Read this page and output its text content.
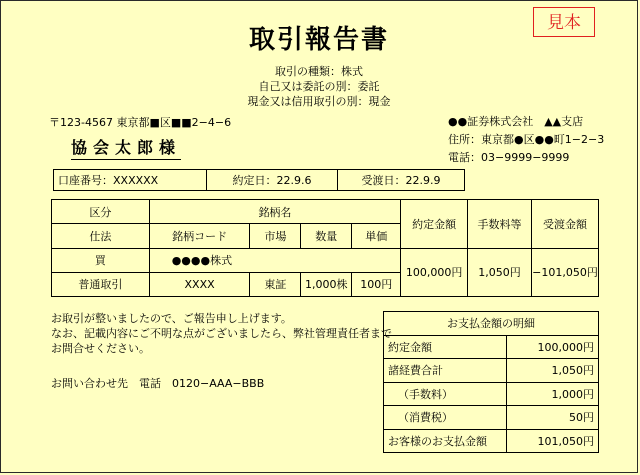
取引報告書
見本
取引の種類：株式
自己又は委託の別：委託
現金又は信用取引の別：現金
〒123-4567 東京都■区■■2−4−6
協会太郎様
●●証券株式会社　▲▲支店
住所：東京都●区●●町1−2−3
電話：03−9999−9999
口座番号：XXXXXX	約定日：22.9.6	受渡日：22.9.9
区分	銘柄名				約定金額	手数料等	受渡金額
仕法	銘柄コード	市場	数量	単価			
買	●●●●株式				100,000円	1,050円	−101,050円
普通取引	XXXX	東証	1,000株	100円			
お取引が整いましたので、ご報告申し上げます。
なお、記載内容にご不明な点がございましたら、弊社管理責任者まで
お問合せください。
お問い合わせ先　電話　0120−AAA−BBB
お支払金額の明細	
約定金額	100,000円
諸経費合計	1,050円
（手数料）	1,000円
（消費税）	50円
お客様のお支払金額	101,050円
